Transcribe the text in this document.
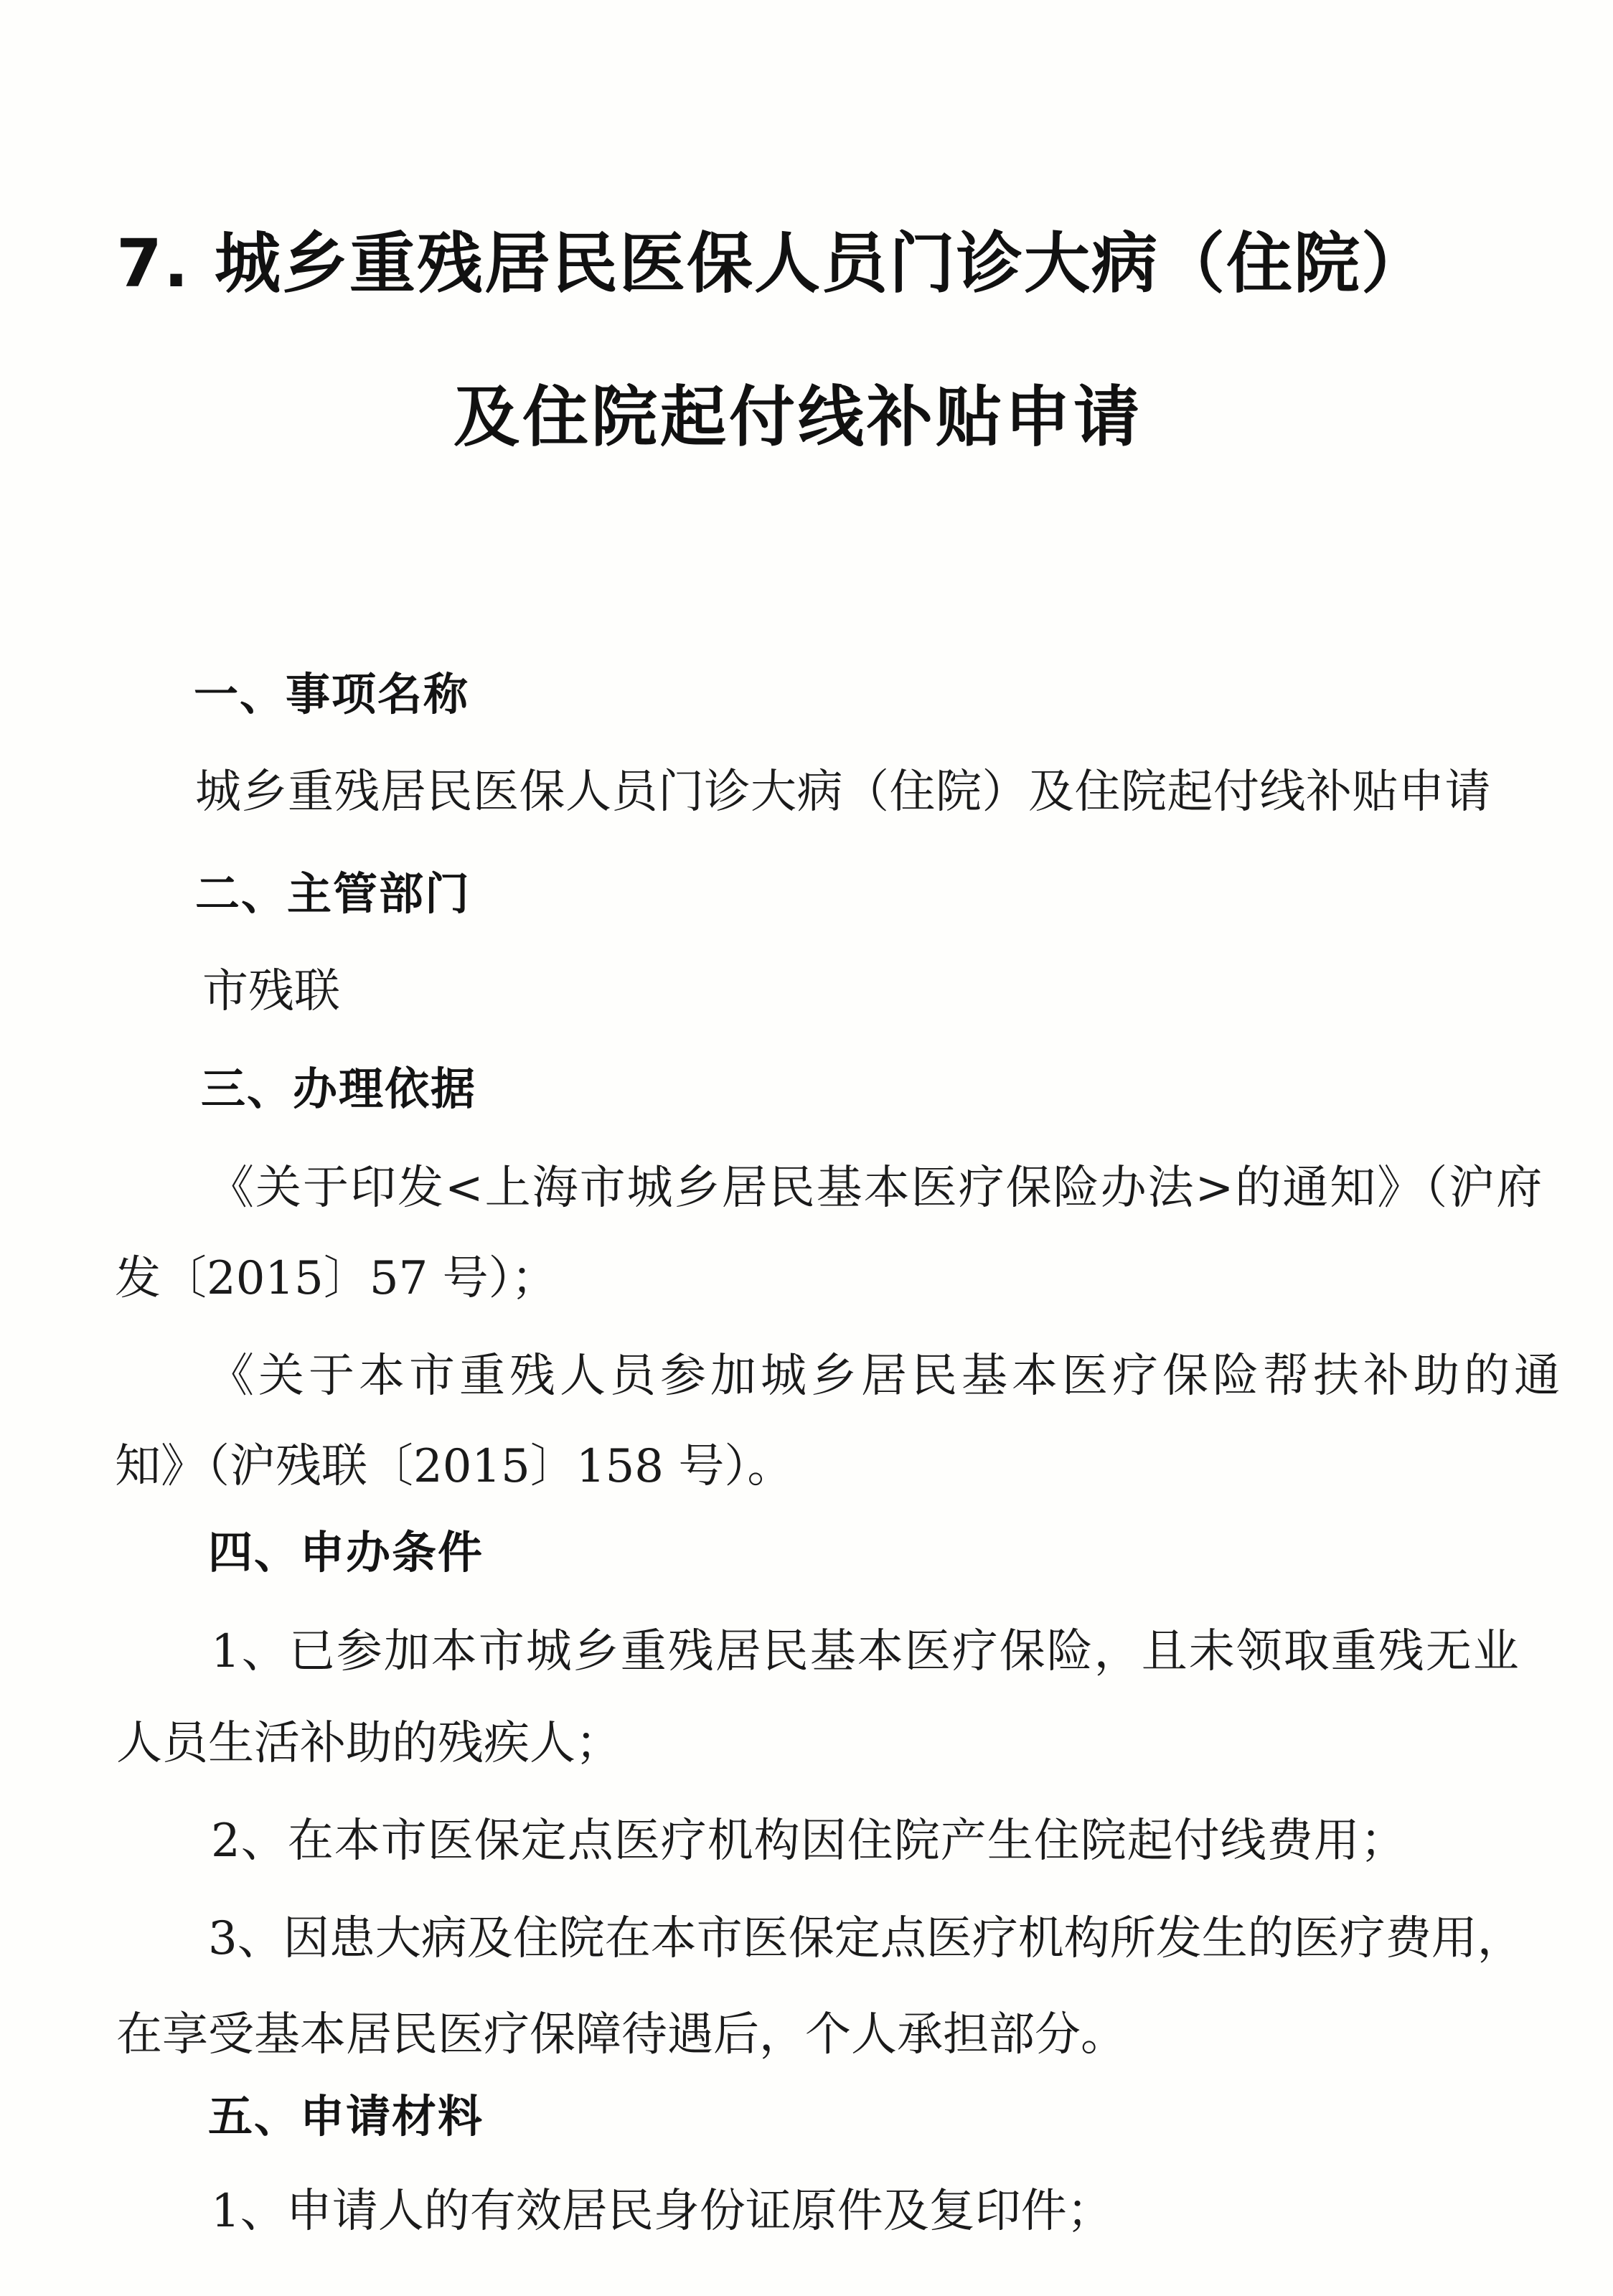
7. 城乡重残居民医保人员门诊大病（住院）
及住院起付线补贴申请
一、事项名称
城乡重残居民医保人员门诊大病（住院）及住院起付线补贴申请
二、主管部门
市残联
三、办理依据
《关于印发<上海市城乡居民基本医疗保险办法>的通知》（沪府
发〔2015〕57 号）；
《关于本市重残人员参加城乡居民基本医疗保险帮扶补助的通
知》（沪残联〔2015〕158 号）。
四、申办条件
1、已参加本市城乡重残居民基本医疗保险，且未领取重残无业
人员生活补助的残疾人；
2、在本市医保定点医疗机构因住院产生住院起付线费用；
3、因患大病及住院在本市医保定点医疗机构所发生的医疗费用，
在享受基本居民医疗保障待遇后，个人承担部分。
五、申请材料
1、申请人的有效居民身份证原件及复印件；
